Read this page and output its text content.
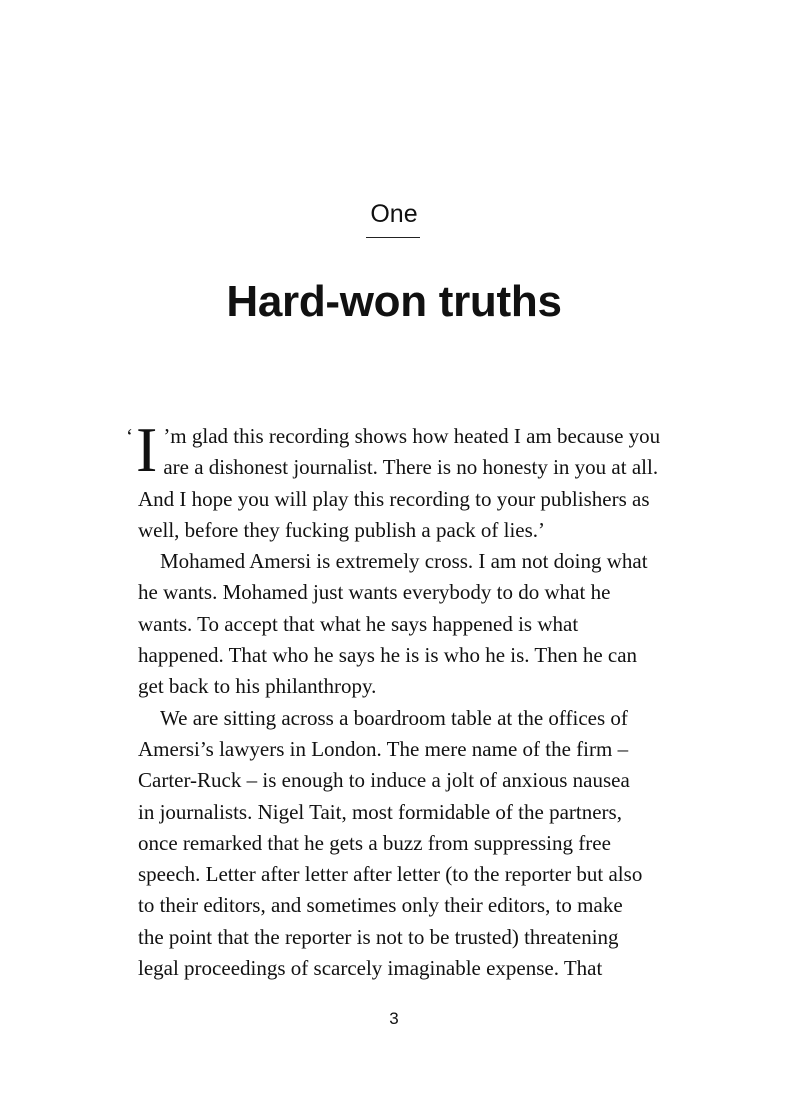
One
Hard-won truths

‘ I ’m glad this recording shows how heated I am because you
are a dishonest journalist. There is no honesty in you at all.
And I hope you will play this recording to your publishers as
well, before they fucking publish a pack of lies.’

Mohamed Amersi is extremely cross. I am not doing what
he wants. Mohamed just wants everybody to do what he
wants. To accept that what he says happened is what
happened. That who he says he is is who he is. Then he can
get back to his philanthropy.

We are sitting across a boardroom table at the offices of
Amersi’s lawyers in London. The mere name of the firm –
Carter-Ruck – is enough to induce a jolt of anxious nausea
in journalists. Nigel Tait, most formidable of the partners,
once remarked that he gets a buzz from suppressing free
speech. Letter after letter after letter (to the reporter but also
to their editors, and sometimes only their editors, to make
the point that the reporter is not to be trusted) threatening
legal proceedings of scarcely imaginable expense. That

3
